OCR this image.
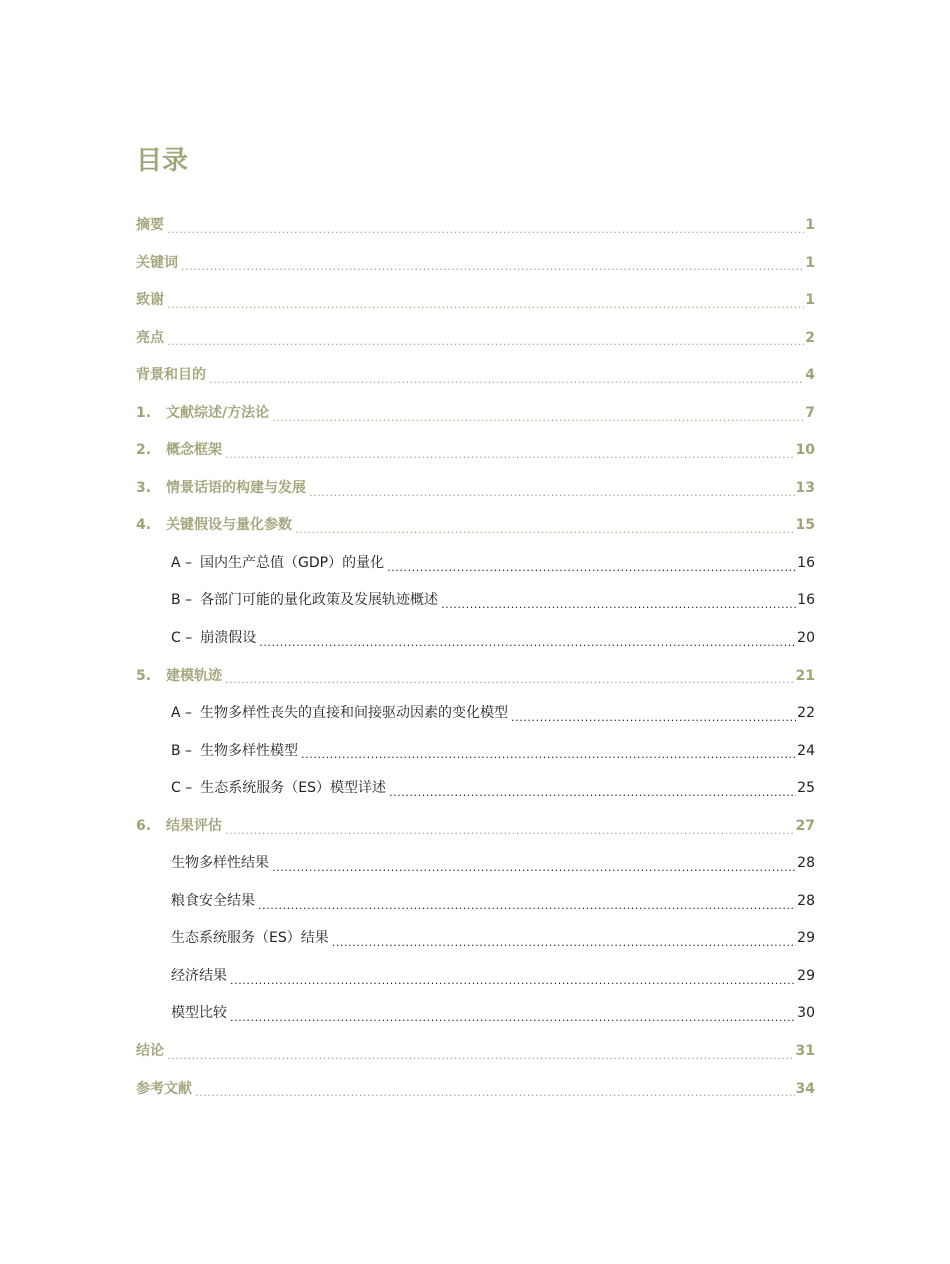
目录
摘要 .....	1
关键词 .....	1
致谢 .....	1
亮点 .....	2
背景和目的 .....	4
1.	文献综述/方法论 .....	7
2.	概念框架 .....	10
3.	情景话语的构建与发展 .....	13
4.	关键假设与量化参数 .....	15
A – 国内生产总值（GDP）的量化 .....	16
B – 各部门可能的量化政策及发展轨迹概述 .....	16
C – 崩溃假设 .....	20
5.	建模轨迹 .....	21
A – 生物多样性丧失的直接和间接驱动因素的变化模型 .....	22
B – 生物多样性模型 .....	24
C – 生态系统服务（ES）模型详述 .....	25
6.	结果评估 .....	27
生物多样性结果 .....	28
粮食安全结果 .....	28
生态系统服务（ES）结果 .....	29
经济结果 .....	29
模型比较 .....	30
结论 .....	31
参考文献 .....	34
